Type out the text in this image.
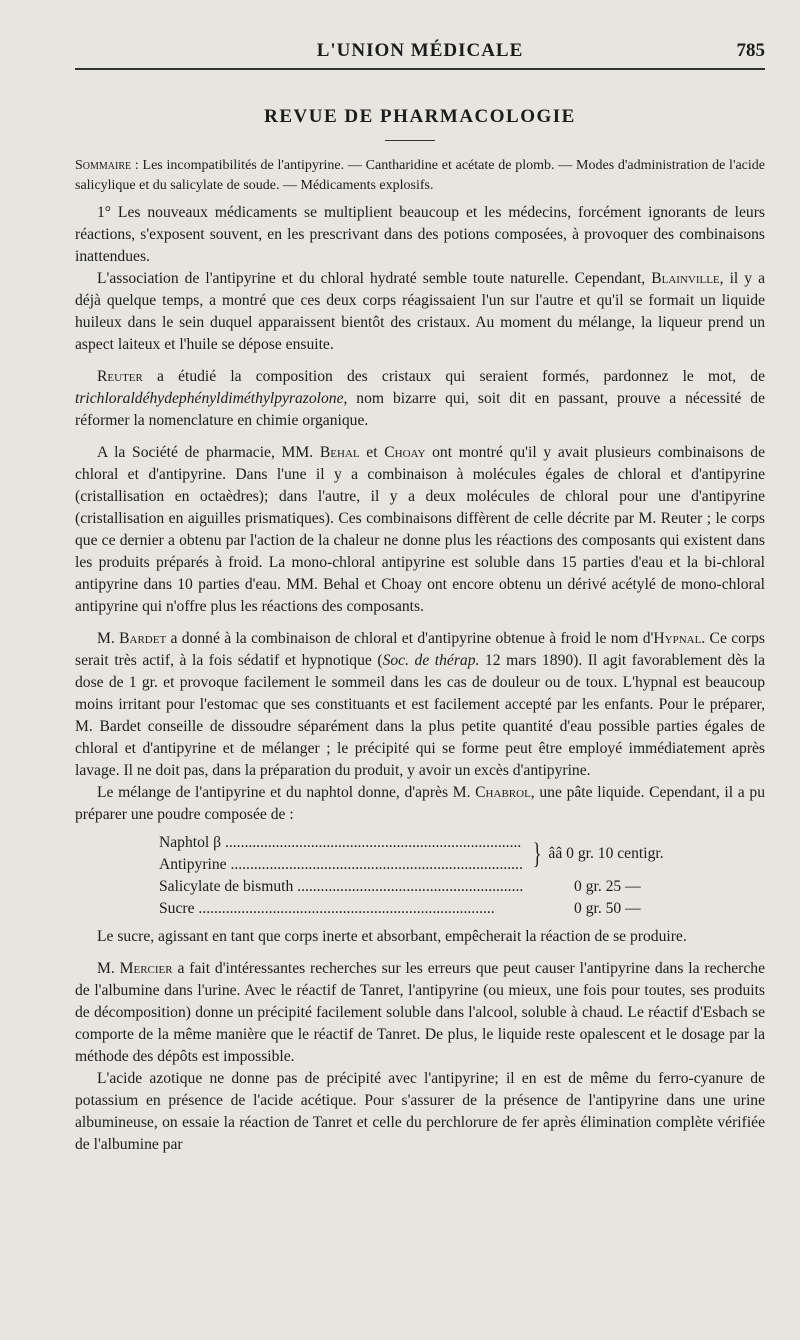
L'UNION MÉDICALE	785
REVUE DE PHARMACOLOGIE
Sommaire : Les incompatibilités de l'antipyrine. — Cantharidine et acétate de plomb. — Modes d'administration de l'acide salicylique et du salicylate de soude. — Médicaments explosifs.

1° Les nouveaux médicaments se multiplient beaucoup et les médecins, forcément ignorants de leurs réactions, s'exposent souvent, en les prescrivant dans des potions composées, à provoquer des combinaisons inattendues.

L'association de l'antipyrine et du chloral hydraté semble toute naturelle. Cependant, Blainville, il y a déjà quelque temps, a montré que ces deux corps réagissaient l'un sur l'autre et qu'il se formait un liquide huileux dans le sein duquel apparaissent bientôt des cristaux. Au moment du mélange, la liqueur prend un aspect laiteux et l'huile se dépose ensuite.

Reuter a étudié la composition des cristaux qui seraient formés, pardonnez le mot, de trichloraldéhydephényldiméthylpyrazolone, nom bizarre qui, soit dit en passant, prouve a nécessité de réformer la nomenclature en chimie organique.

A la Société de pharmacie, MM. Behal et Choay ont montré qu'il y avait plusieurs combinaisons de chloral et d'antipyrine. Dans l'une il y a combinaison à molécules égales de chloral et d'antipyrine (cristallisation en octaèdres); dans l'autre, il y a deux molécules de chloral pour une d'antipyrine (cristallisation en aiguilles prismatiques). Ces combinaisons diffèrent de celle décrite par M. Reuter ; le corps que ce dernier a obtenu par l'action de la chaleur ne donne plus les réactions des composants qui existent dans les produits préparés à froid. La mono-chloral antipyrine est soluble dans 15 parties d'eau et la bi-chloral antipyrine dans 10 parties d'eau. MM. Behal et Choay ont encore obtenu un dérivé acétylé de mono-chloral antipyrine qui n'offre plus les réactions des composants.

M. Bardet a donné à la combinaison de chloral et d'antipyrine obtenue à froid le nom d'Hypnal. Ce corps serait très actif, à la fois sédatif et hypnotique (Soc. de thérap. 12 mars 1890). Il agit favorablement dès la dose de 1 gr. et provoque facilement le sommeil dans les cas de douleur ou de toux. L'hypnal est beaucoup moins irritant pour l'estomac que ses constituants et est facilement accepté par les enfants. Pour le préparer, M. Bardet conseille de dissoudre séparément dans la plus petite quantité d'eau possible parties égales de chloral et d'antipyrine et de mélanger ; le précipité qui se forme peut être employé immédiatement après lavage. Il ne doit pas, dans la préparation du produit, y avoir un excès d'antipyrine.

Le mélange de l'antipyrine et du naphtol donne, d'après M. Chabrol, une pâte liquide. Cependant, il a pu préparer une poudre composée de :

Naphtol β .....
Antipyrine .....	} ââ 0 gr. 10 centigr.
Salicylate de bismuth .....	0 gr. 25 —
Sucre .....	0 gr. 50 —

Le sucre, agissant en tant que corps inerte et absorbant, empêcherait la réaction de se produire.

M. Mercier a fait d'intéressantes recherches sur les erreurs que peut causer l'antipyrine dans la recherche de l'albumine dans l'urine. Avec le réactif de Tanret, l'antipyrine (ou mieux, une fois pour toutes, ses produits de décomposition) donne un précipité facilement soluble dans l'alcool, soluble à chaud. Le réactif d'Esbach se comporte de la même manière que le réactif de Tanret. De plus, le liquide reste opalescent et le dosage par la méthode des dépôts est impossible.

L'acide azotique ne donne pas de précipité avec l'antipyrine; il en est de même du ferro-cyanure de potassium en présence de l'acide acétique. Pour s'assurer de la présence de l'antipyrine dans une urine albumineuse, on essaie la réaction de Tanret et celle du perchlorure de fer après élimination complète vérifiée de l'albumine par
